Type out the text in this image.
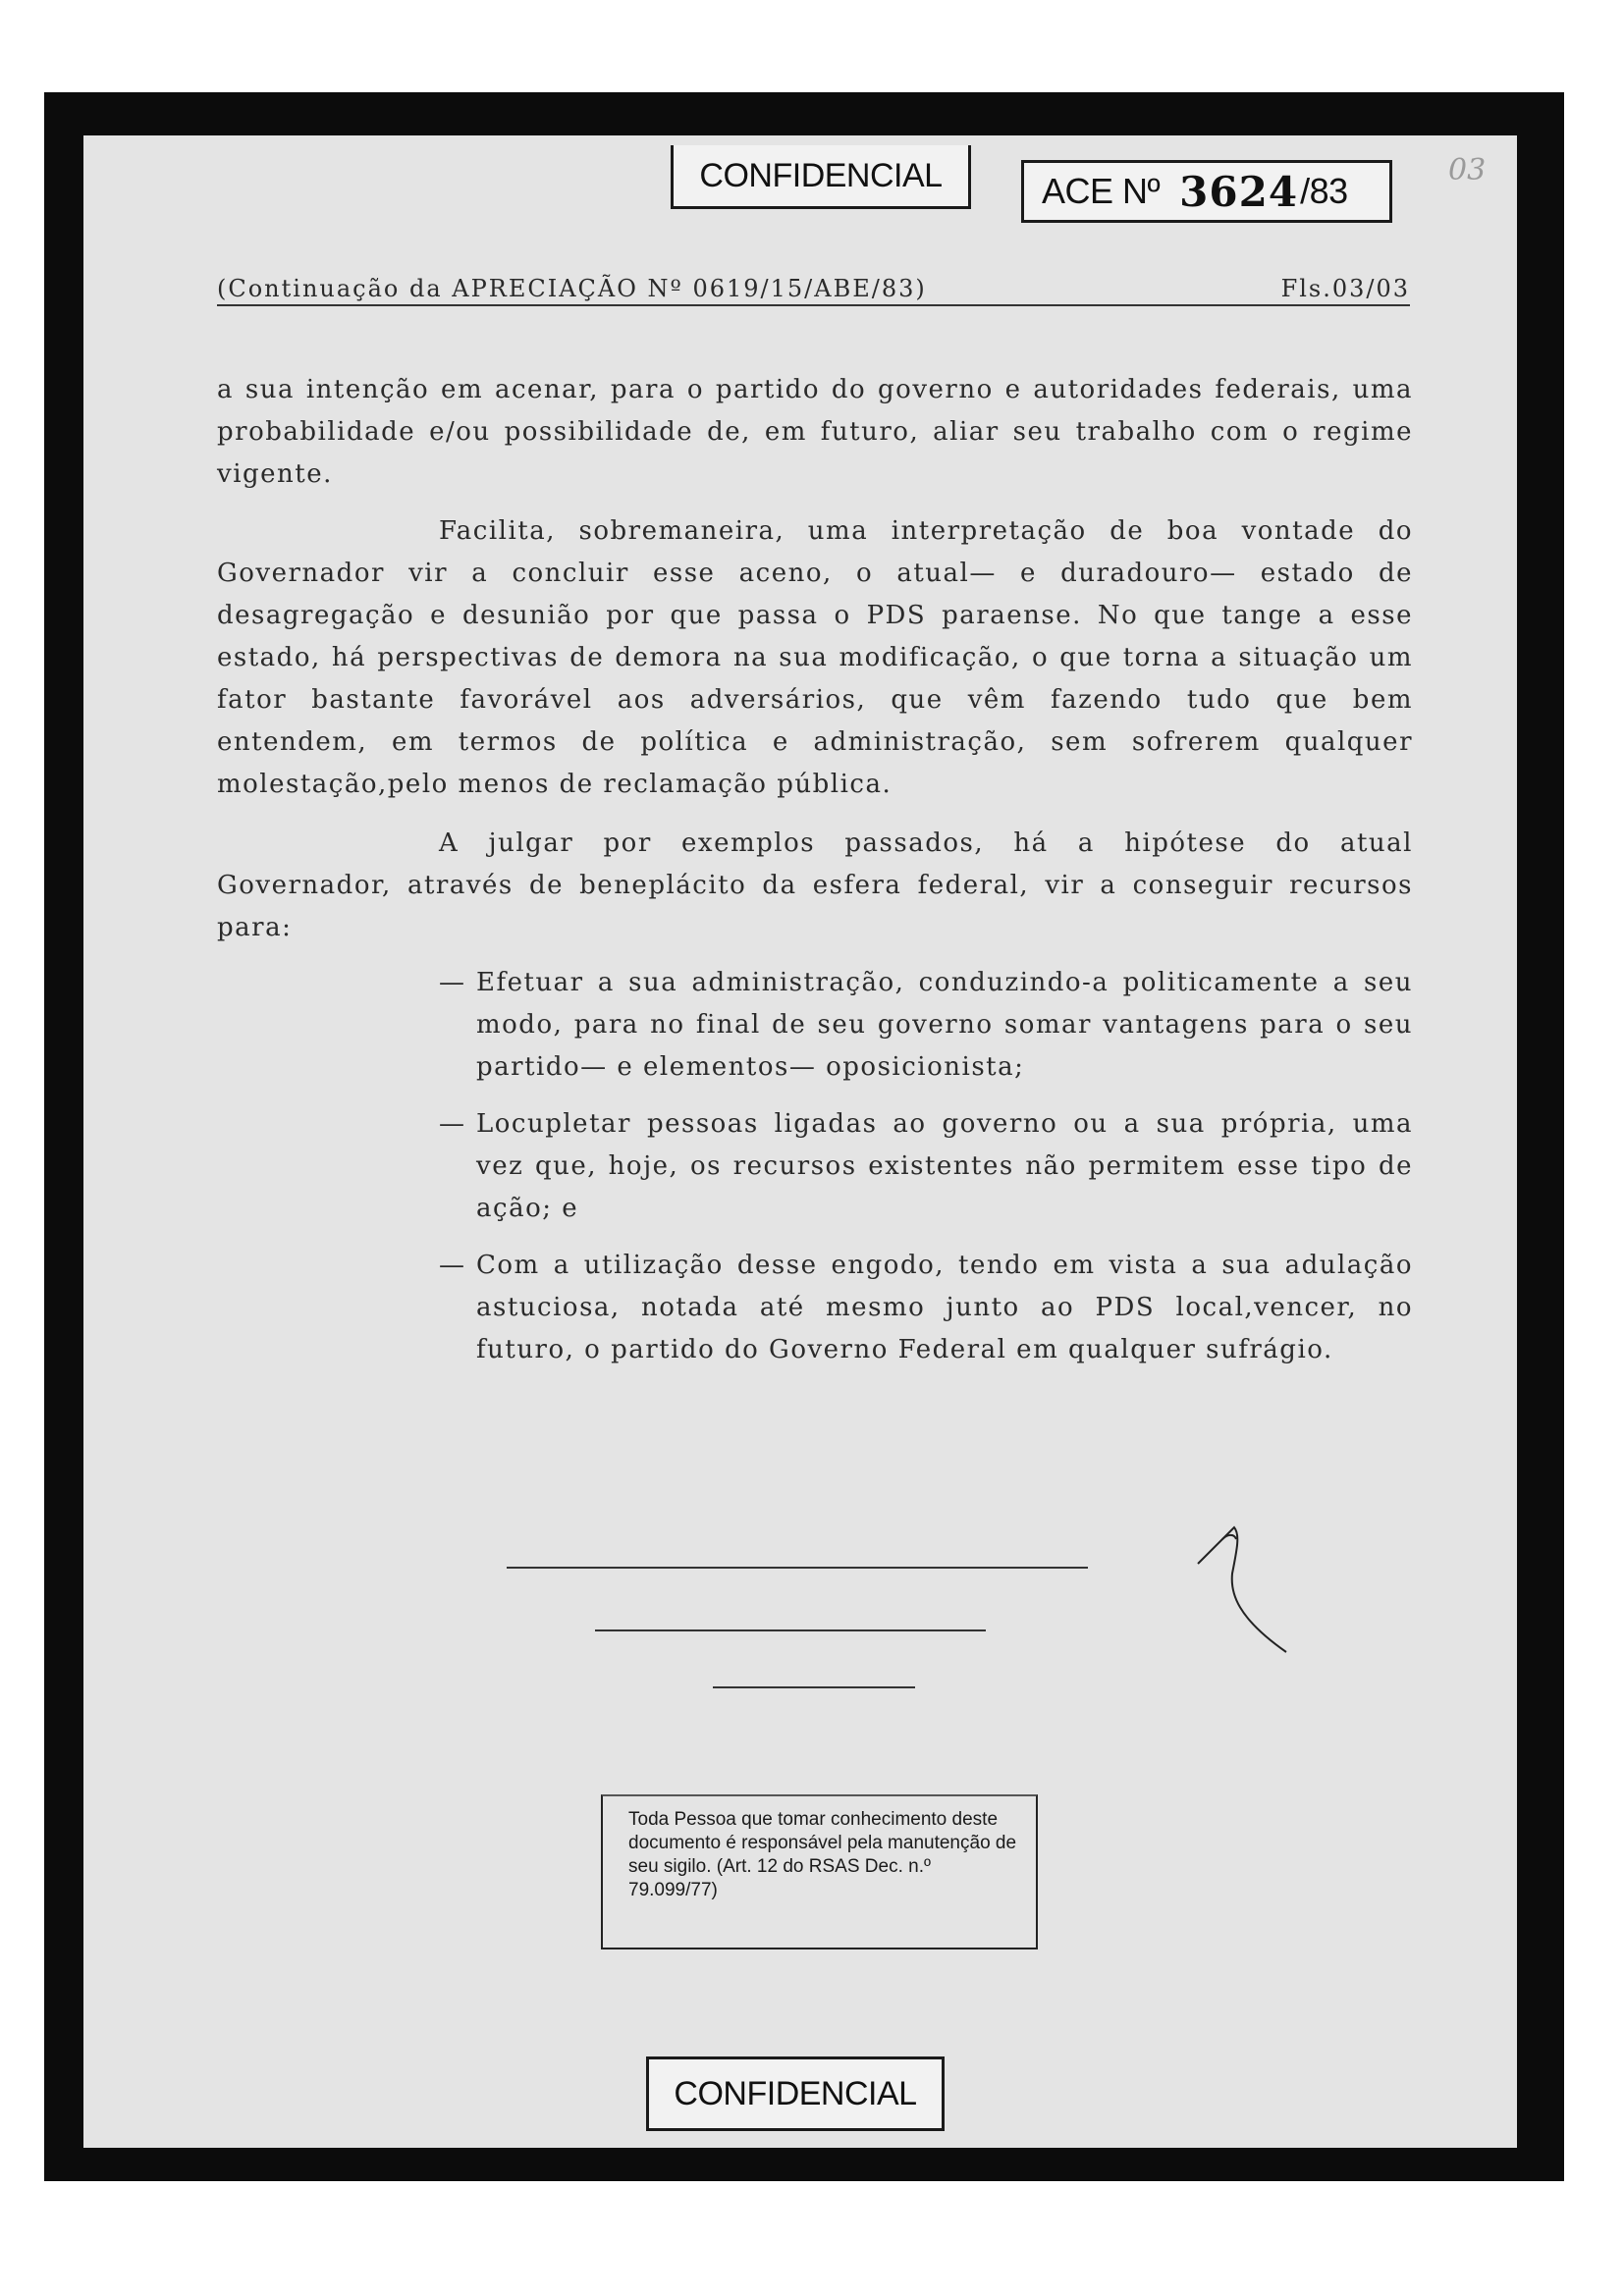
CONFIDENCIAL	ACE Nº 3624 /83
03
(Continuação da APRECIAÇÃO Nº 0619/15/ABE/83)	Fls.03/03

a sua intenção em acenar, para o partido do governo e autoridades federais, uma probabilidade e/ou possibilidade de, em futuro, aliar seu trabalho com o regime vigente.

Facilita, sobremaneira, uma interpretação de boa vontade do Governador vir a concluir esse aceno, o atual— e duradouro— estado de desagregação e desunião por que passa o PDS paraense. No que tange a esse estado, há perspectivas de demora na sua modificação, o que torna a situação um fator bastante favorável aos adversários, que vêm fazendo tudo que bem entendem, em termos de política e administração, sem sofrerem qualquer molestação,pelo menos de reclamação pública.

A julgar por exemplos passados, há a hipótese do atual Governador, através de beneplácito da esfera federal, vir a conseguir recursos para:

— Efetuar a sua administração, conduzindo-a politicamente a seu modo, para no final de seu governo somar vantagens para o seu partido— e elementos— oposicionista;

— Locupletar pessoas ligadas ao governo ou a sua própria, uma vez que, hoje, os recursos existentes não permitem esse tipo de ação; e

— Com a utilização desse engodo, tendo em vista a sua adulação astuciosa, notada até mesmo junto ao PDS local,vencer, no futuro, o partido do Governo Federal em qualquer sufrágio.

Toda Pessoa que tomar conhecimento deste documento é responsável pela manutenção de seu sigilo. (Art. 12 do RSAS Dec. n.º 79.099/77)
CONFIDENCIAL
